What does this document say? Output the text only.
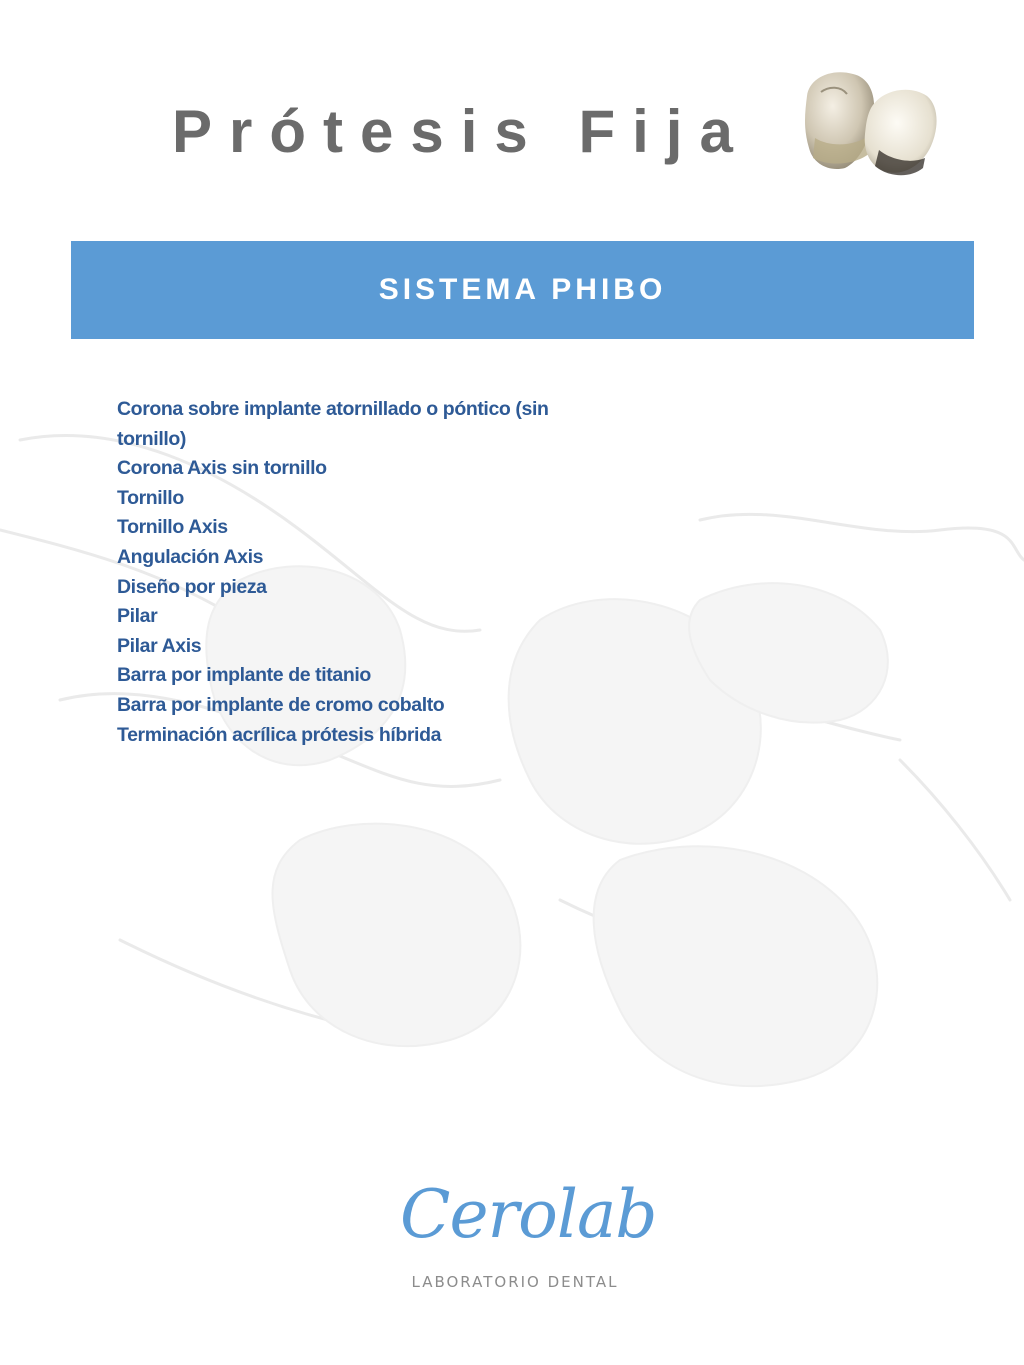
Prótesis Fija
SISTEMA PHIBO
Corona sobre implante atornillado o póntico (sin tornillo)
Corona Axis sin tornillo
Tornillo
Tornillo Axis
Angulación Axis
Diseño por pieza
Pilar
Pilar Axis
Barra por implante de titanio
Barra por implante de cromo cobalto
Terminación acrílica prótesis híbrida
Cerolab
LABORATORIO DENTAL
